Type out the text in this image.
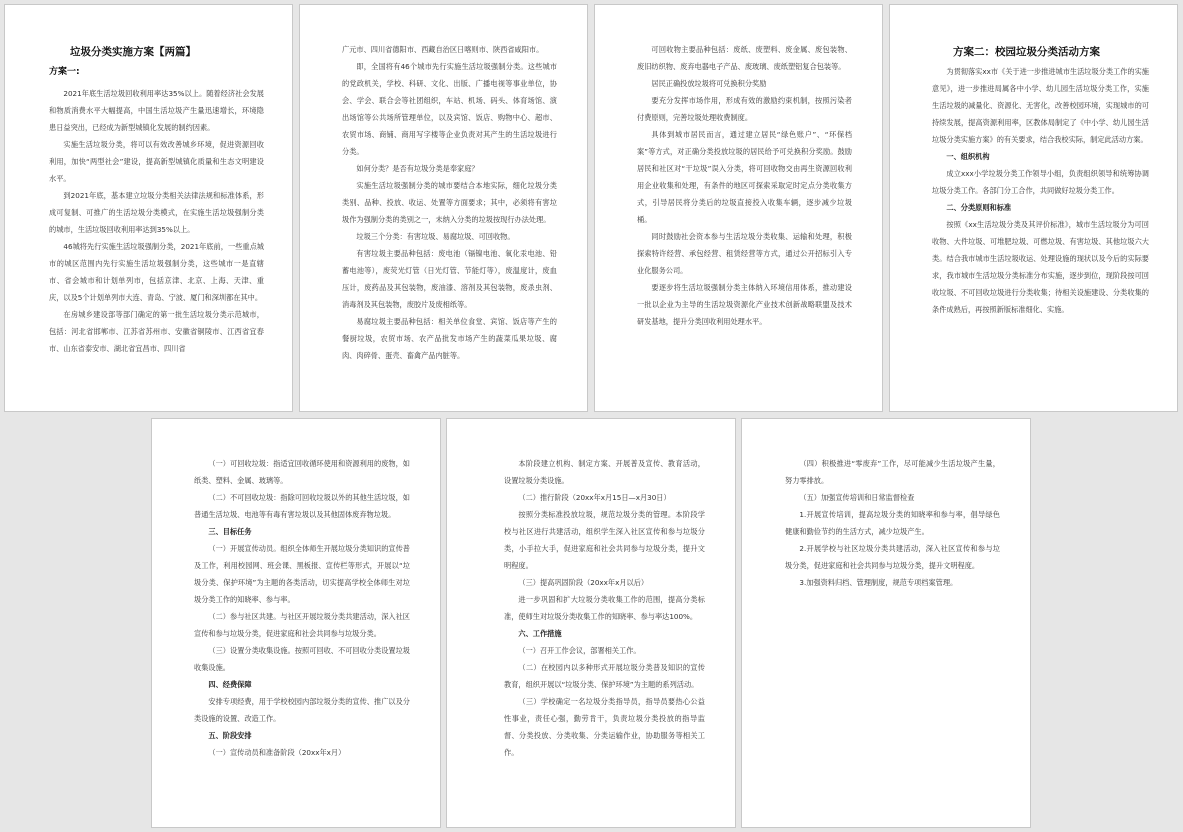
垃圾分类实施方案【两篇】

方案一:

2021年底生活垃圾回收利用率达35%以上。随着经济社会发展和物质消费水平大幅提高，中国生活垃圾产生量迅速增长，环境隐患日益突出，已经成为新型城镇化发展的制约因素。

实施生活垃圾分类，将可以有效改善城乡环境，促进资源回收利用，加快“两型社会”建设，提高新型城镇化质量和生态文明建设水平。

到2021年底，基本建立垃圾分类相关法律法规和标准体系，形成可复制、可推广的生活垃圾分类模式，在实施生活垃圾强制分类的城市，生活垃圾回收利用率达到35%以上。

46城将先行实施生活垃圾强制分类，2021年底前，一些重点城市的城区范围内先行实施生活垃圾强制分类，这些城市一是直辖市、省会城市和计划单列市，包括京津、北京、上海、天津、重庆，以及5个计划单列市大连、青岛、宁波、厦门和深圳都在其中。

在房城乡建设部等部门确定的第一批生活垃圾分类示范城市，包括：河北省邯郸市、江苏省苏州市、安徽省铜陵市、江西省宜春市、山东省泰安市、湖北省宜昌市、四川省

广元市、四川省德阳市、西藏自治区日喀则市、陕西省咸阳市。

即，全国将有46个城市先行实施生活垃圾强制分类。这些城市的党政机关，学校、科研、文化、出版、广播电视等事业单位，协会、学会、联合会等社团组织，车站、机场、码头、体育场馆、演出场馆等公共场所管理单位，以及宾馆、饭店、购物中心、超市、农贸市场、商铺、商用写字楼等企业负责对其产生的生活垃圾进行分类。

如何分类？是否有垃圾分类是奉家庭？

实施生活垃圾强制分类的城市要结合本地实际，细化垃圾分类类别、品种、投放、收运、处置等方面要求；其中，必须将有害垃圾作为强制分类的类别之一，未纳入分类的垃圾按现行办法处理。

垃圾三个分类：有害垃圾、易腐垃圾、可回收物。

有害垃圾主要品种包括：废电池（镉镍电池、氧化汞电池、铅蓄电池等），废荧光灯管（日光灯管、节能灯等），废温度计，废血压计，废药品及其包装物，废油漆、溶剂及其包装物，废杀虫剂、消毒剂及其包装物，废胶片及废相纸等。

易腐垃圾主要品种包括：相关单位食堂、宾馆、饭店等产生的餐厨垃圾，农贸市场、农产品批发市场产生的蔬菜瓜果垃圾、腐肉、肉碎骨、蛋壳、畜禽产品内脏等。

可回收物主要品种包括：废纸、废塑料、废金属、废包装物、废旧纺织物、废弃电器电子产品、废玻璃、废纸塑铝复合包装等。

居民正确投放垃圾将可兑换积分奖励

要充分发挥市场作用，形成有效的激励约束机制，按照污染者付费原则，完善垃圾处理收费制度。

具体到城市居民而言，通过建立居民“绿色账户”、“环保档案”等方式，对正确分类投放垃圾的居民给予可兑换积分奖励。鼓励居民和社区对“干垃圾”误入分类，将可回收物交由再生资源回收利用企业收集和处理，有条件的地区可探索采取定时定点分类收集方式，引导居民将分类后的垃圾直接投入收集车辆，逐步减少垃圾桶。

同时鼓励社会资本参与生活垃圾分类收集、运输和处理，积极探索特许经营、承包经营、租赁经营等方式，通过公开招标引入专业化服务公司。

要逐步将生活垃圾强制分类主体纳入环境信用体系，推动建设一批以企业为主导的生活垃圾资源化产业技术创新战略联盟及技术研发基地，提升分类回收利用处理水平。

方案二：校园垃圾分类活动方案

为贯彻落实xx市《关于进一步推进城市生活垃圾分类工作的实施意见》，进一步推进局属各中小学、幼儿园生活垃圾分类工作，实施生活垃圾的减量化、资源化、无害化，改善校园环境，实现城市的可持续发展，提高资源利用率，区教体局制定了《中小学、幼儿园生活垃圾分类实施方案》的有关要求，结合我校实际，制定此活动方案。

一、组织机构

成立xxx小学垃圾分类工作领导小组，负责组织领导和统筹协调垃圾分类工作。各部门分工合作，共同做好垃圾分类工作。

二、分类原则和标准

按照《xx生活垃圾分类及其评价标准》，城市生活垃圾分为可回收物、大件垃圾、可堆肥垃圾、可燃垃圾、有害垃圾、其他垃圾六大类。结合我市城市生活垃圾收运、处理设施的现状以及今后的实际要求，我市城市生活垃圾分类标准分布实施，逐步到位，现阶段按可回收垃圾、不可回收垃圾进行分类收集；待相关设施建设、分类收集的条件成熟后，再按照新版标准细化、实施。

（一）可回收垃圾：指适宜回收循环使用和资源利用的废物，如纸类、塑料、金属、玻璃等。

（二）不可回收垃圾：指除可回收垃圾以外的其他生活垃圾，如普通生活垃圾、电池等有毒有害垃圾以及其他固体废弃物垃圾。

三、目标任务

（一）开展宣传动员。组织全体师生开展垃圾分类知识的宣传普及工作，利用校园网、班会课、黑板报、宣传栏等形式，开展以“垃圾分类、保护环境”为主题的各类活动，切实提高学校全体师生对垃圾分类工作的知晓率、参与率。

（二）参与社区共建。与社区开展垃圾分类共建活动，深入社区宣传和参与垃圾分类，促进家庭和社会共同参与垃圾分类。

（三）设置分类收集设施。按照可回收、不可回收分类设置垃圾收集设施。

四、经费保障

安排专项经费，用于学校校园内部垃圾分类的宣传、推广以及分类设施的设置、改造工作。

五、阶段安排

（一）宣传动员和准备阶段（20xx年x月）

本阶段建立机构、制定方案、开展普及宣传、教育活动，设置垃圾分类设施。

（二）推行阶段（20xx年x月15日—x月30日）

按照分类标准投放垃圾，规范垃圾分类的管理。本阶段学校与社区进行共建活动，组织学生深入社区宣传和参与垃圾分类，小手拉大手，促进家庭和社会共同参与垃圾分类，提升文明程度。

（三）提高巩固阶段（20xx年x月以后）

进一步巩固和扩大垃圾分类收集工作的范围，提高分类标准，使师生对垃圾分类收集工作的知晓率、参与率达100%。

六、工作措施

（一）召开工作会议，部署相关工作。

（二）在校园内以多种形式开展垃圾分类普及知识的宣传教育，组织开展以“垃圾分类、保护环境”为主题的系列活动。

（三）学校确定一名垃圾分类指导员，指导员要热心公益性事业，责任心强，勤劳肯干，负责垃圾分类投放的指导监督、分类投放、分类收集、分类运输作业，协助服务等相关工作。

（四）积极推进“零废弃”工作，尽可能减少生活垃圾产生量，努力零排放。

（五）加强宣传培训和日常监督检查

1.开展宣传培训，提高垃圾分类的知晓率和参与率，倡导绿色健康和勤俭节约的生活方式，减少垃圾产生。

2.开展学校与社区垃圾分类共建活动，深入社区宣传和参与垃圾分类，促进家庭和社会共同参与垃圾分类，提升文明程度。

3.加强资料归档、管理制度，规范专项档案管理。
